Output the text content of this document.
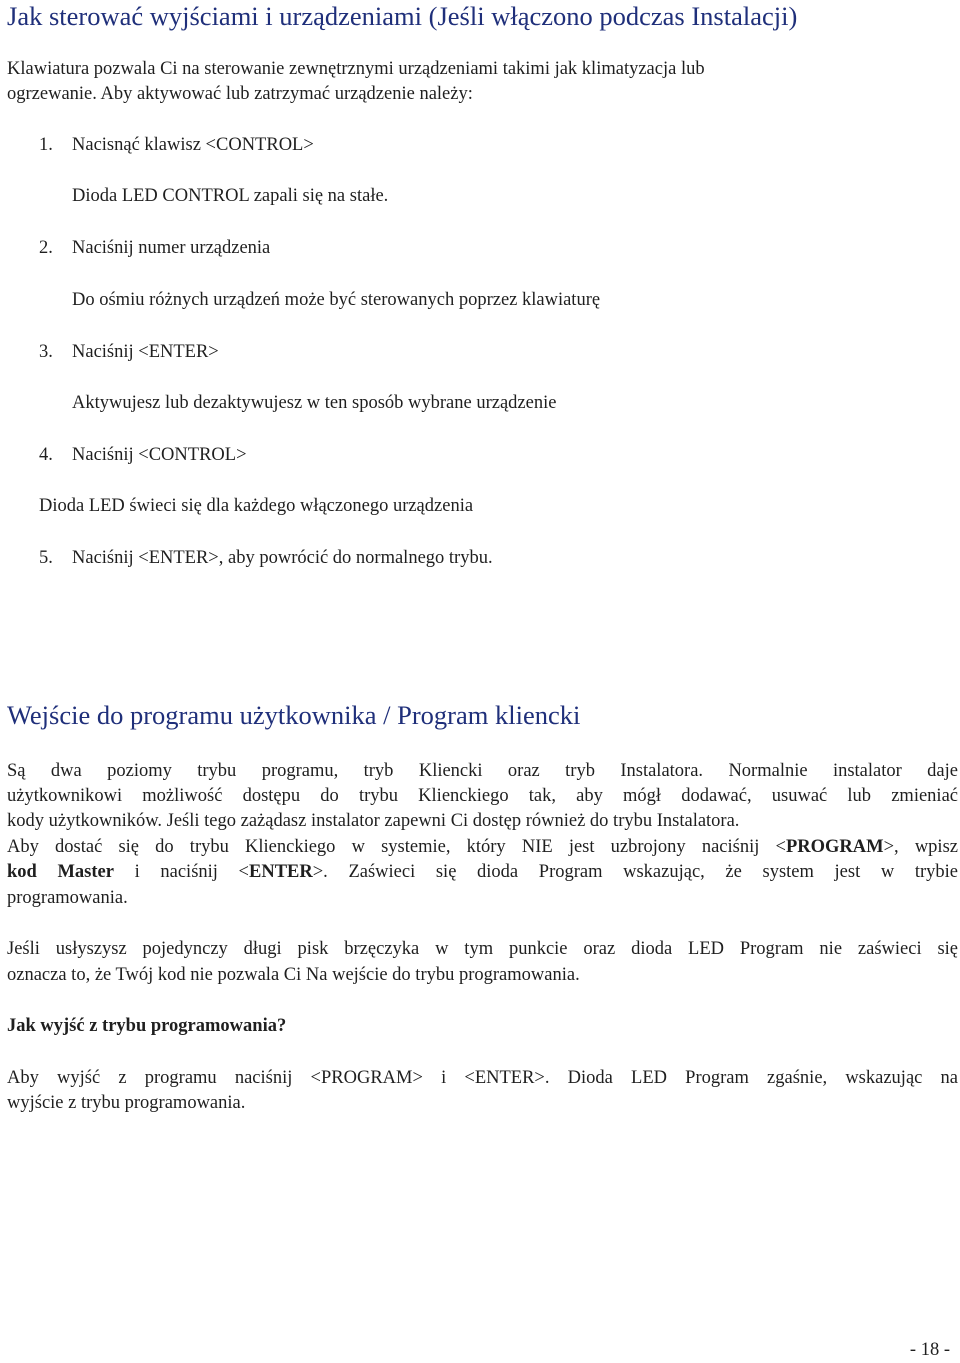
Jak sterować wyjściami i urządzeniami (Jeśli włączono podczas Instalacji)

Klawiatura pozwala Ci na sterowanie zewnętrznymi urządzeniami takimi jak klimatyzacja lub

ogrzewanie. Aby aktywować lub zatrzymać urządzenie należy:

1. Nacisnąć klawisz <CONTROL>

Dioda LED CONTROL zapali się na stałe.

2. Naciśnij numer urządzenia

Do ośmiu różnych urządzeń może być sterowanych poprzez klawiaturę

3. Naciśnij <ENTER>

Aktywujesz lub dezaktywujesz w ten sposób wybrane urządzenie

4. Naciśnij <CONTROL>

Dioda LED świeci się dla każdego włączonego urządzenia

5. Naciśnij <ENTER>, aby powrócić do normalnego trybu.
Wejście do programu użytkownika / Program kliencki

Są dwa poziomy trybu programu, tryb Kliencki oraz tryb Instalatora. Normalnie instalator daje

użytkownikowi możliwość dostępu do trybu Klienckiego tak, aby mógł dodawać, usuwać lub zmieniać

kody użytkowników. Jeśli tego zażądasz instalator zapewni Ci dostęp również do trybu Instalatora.

Aby dostać się do trybu Klienckiego w systemie, który NIE jest uzbrojony naciśnij <PROGRAM>, wpisz

kod Master i naciśnij <ENTER>. Zaświeci się dioda Program wskazując, że system jest w trybie

programowania.

Jeśli usłyszysz pojedynczy długi pisk brzęczyka w tym punkcie oraz dioda LED Program nie zaświeci się

oznacza to, że Twój kod nie pozwala Ci Na wejście do trybu programowania.

Jak wyjść z trybu programowania?

Aby wyjść z programu naciśnij <PROGRAM> i <ENTER>. Dioda LED Program zgaśnie, wskazując na

wyjście z trybu programowania.

- 18 -
